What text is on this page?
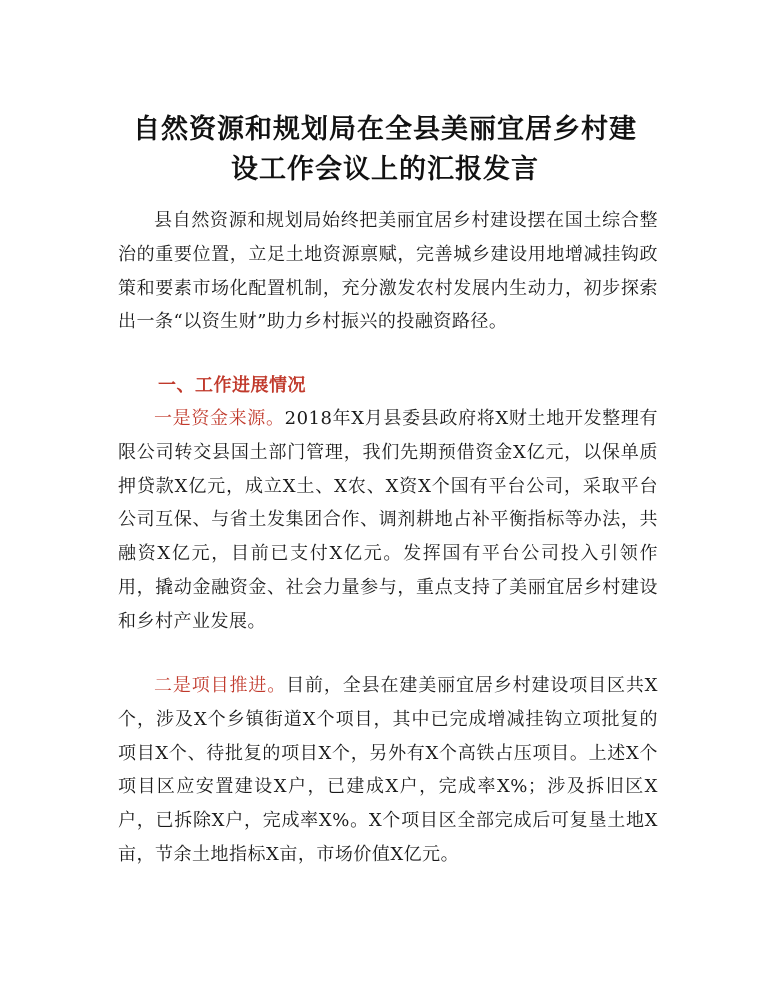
自然资源和规划局在全县美丽宜居乡村建
设工作会议上的汇报发言

县自然资源和规划局始终把美丽宜居乡村建设摆在国土综合整治的重要位置，立足土地资源禀赋，完善城乡建设用地增减挂钩政策和要素市场化配置机制，充分激发农村发展内生动力，初步探索出一条“以资生财”助力乡村振兴的投融资路径。

一、工作进展情况

一是资金来源。2018年X月县委县政府将X财土地开发整理有限公司转交县国土部门管理，我们先期预借资金X亿元，以保单质押贷款X亿元，成立X土、X农、X资X个国有平台公司，采取平台公司互保、与省土发集团合作、调剂耕地占补平衡指标等办法，共融资X亿元，目前已支付X亿元。发挥国有平台公司投入引领作用，撬动金融资金、社会力量参与，重点支持了美丽宜居乡村建设和乡村产业发展。

二是项目推进。目前，全县在建美丽宜居乡村建设项目区共X个，涉及X个乡镇街道X个项目，其中已完成增减挂钩立项批复的项目X个、待批复的项目X个，另外有X个高铁占压项目。上述X个项目区应安置建设X户，已建成X户，完成率X%；涉及拆旧区X户，已拆除X户，完成率X%。X个项目区全部完成后可复垦土地X亩，节余土地指标X亩，市场价值X亿元。
